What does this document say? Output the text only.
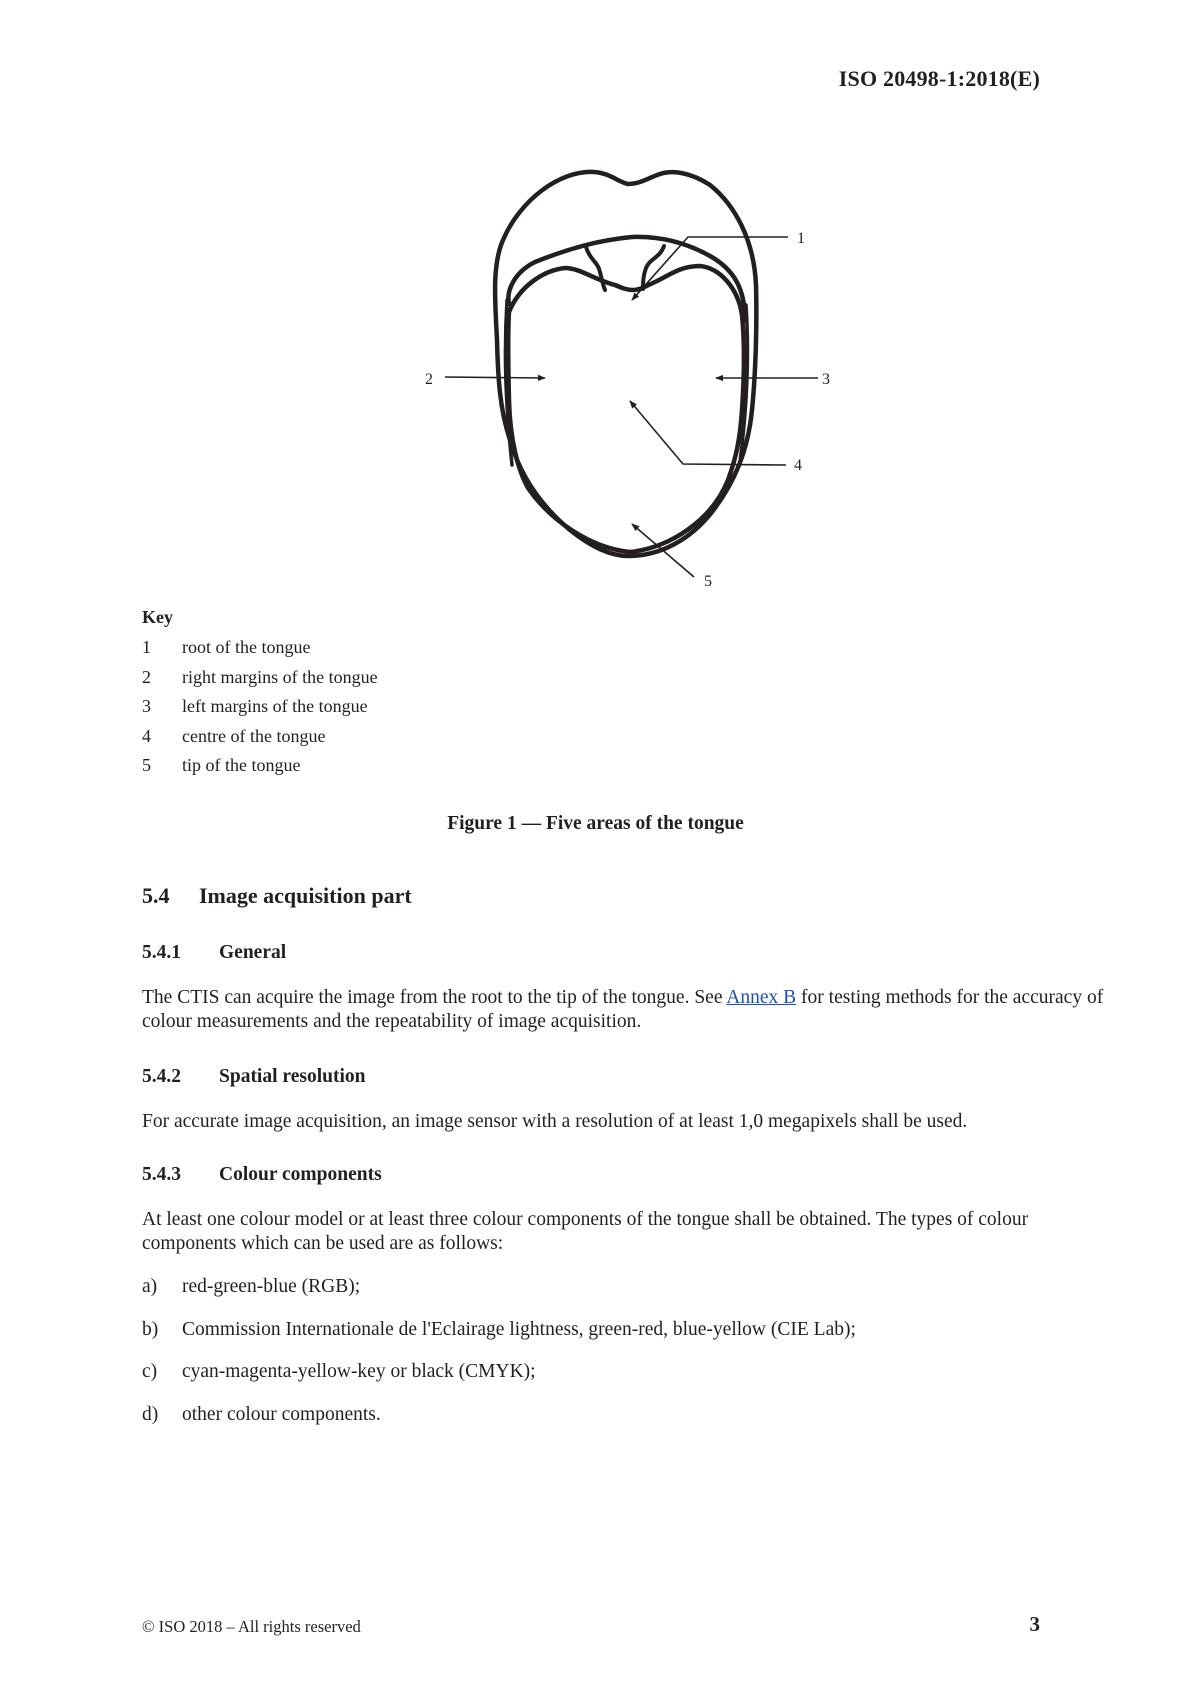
ISO 20498-1:2018(E)
1
2	3
4
5
Key
1	root of the tongue
2	right margins of the tongue
3	left margins of the tongue
4	centre of the tongue
5	tip of the tongue
Figure 1 — Five areas of the tongue
5.4	Image acquisition part
5.4.1	General
The CTIS can acquire the image from the root to the tip of the tongue. See Annex B for testing methods for the accuracy of colour measurements and the repeatability of image acquisition.
5.4.2	Spatial resolution
For accurate image acquisition, an image sensor with a resolution of at least 1,0 megapixels shall be used.
5.4.3	Colour components
At least one colour model or at least three colour components of the tongue shall be obtained. The types of colour components which can be used are as follows:
a)	red-green-blue (RGB);
b)	Commission Internationale de l'Eclairage lightness, green-red, blue-yellow (CIE Lab);
c)	cyan-magenta-yellow-key or black (CMYK);
d)	other colour components.
© ISO 2018 – All rights reserved	3
